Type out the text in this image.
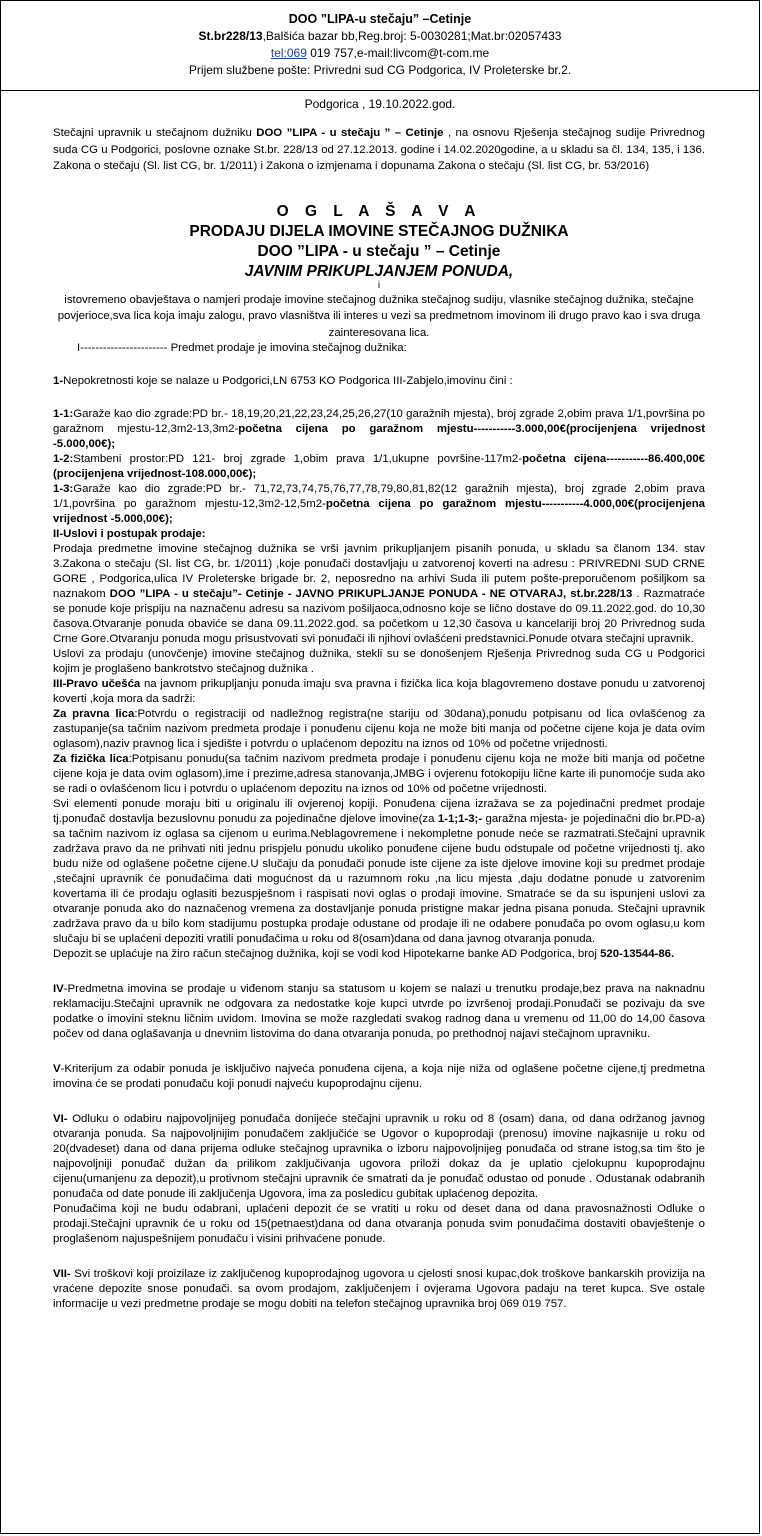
DOO ”LIPA-u stečaju” –Cetinje
St.br228/13,Balšića bazar bb,Reg.broj: 5-0030281;Mat.br:02057433
tel:069 019 757,e-mail:livcom@t-com.me
Prijem službene pošte: Privredni sud CG Podgorica, IV Proleterske br.2.
Podgorica , 19.10.2022.god.

Stečajni upravnik u stečajnom dužniku DOO ”LIPA - u stečaju ” – Cetinje , na osnovu Rješenja stečajnog sudije Privrednog suda CG u Podgorici, poslovne oznake St.br. 228/13 od 27.12.2013. godine i 14.02.2020godine, a u skladu sa čl. 134, 135, i 136. Zakona o stečaju (Sl. list CG, br. 1/2011) i Zakona o izmjenama i dopunama Zakona o stečaju (Sl. list CG, br. 53/2016)

O G L A Š A V A
PRODAJU DIJELA IMOVINE STEČAJNOG DUŽNIKA
DOO ”LIPA - u stečaju ” – Cetinje
JAVNIM PRIKUPLJANJEM PONUDA,
i

istovremeno obavještava o namjeri prodaje imovine stečajnog dužnika stečajnog sudiju, vlasnike stečajnog dužnika, stečajne povjerioce,sva lica koja imaju zalogu, pravo vlasništva ili interes u vezi sa predmetnom imovinom ili drugo pravo kao i sva druga zainteresovana lica.

I----------------------- Predmet prodaje je imovina stečajnog dužnika:

1-Nepokretnosti koje se nalaze u Podgorici,LN 6753 KO Podgorica III-Zabjelo,imovinu čini :

1-1:Garaže kao dio zgrade:PD br.- 18,19,20,21,22,23,24,25,26,27(10 garažnih mjesta), broj zgrade 2,obim prava 1/1,površina po garažnom mjestu-12,3m2-13,3m2-početna cijena po garažnom mjestu-----------3.000,00€(procijenjena vrijednost -5.000,00€);

1-2:Stambeni prostor:PD 121- broj zgrade 1,obim prava 1/1,ukupne površine-117m2-početna cijena-----------86.400,00€(procijenjena vrijednost-108.000,00€);

1-3:Garaže kao dio zgrade:PD br.- 71,72,73,74,75,76,77,78,79,80,81,82(12 garažnih mjesta), broj zgrade 2,obim prava 1/1,površina po garažnom mjestu-12,3m2-12,5m2-početna cijena po garažnom mjestu-----------4.000,00€(procijenjena vrijednost -5.000,00€);

II-Uslovi i postupak prodaje:

Prodaja predmetne imovine stečajnog dužnika se vrši javnim prikupljanjem pisanih ponuda, u skladu sa članom 134. stav 3.Zakona o stečaju (Sl. list CG, br. 1/2011) ,koje ponuđači dostavljaju u zatvorenoj koverti na adresu : PRIVREDNI SUD CRNE GORE , Podgorica,ulica IV Proleterske brigade br. 2, neposredno na arhivi Suda ili putem pošte-preporučenom pošiljkom sa naznakom DOO ”LIPA - u stečaju”- Cetinje - JAVNO PRIKUPLJANJE PONUDA - NE OTVARAJ, st.br.228/13 . Razmatraće se ponude koje prispiju na naznačenu adresu sa nazivom pošiljaoca,odnosno koje se lično dostave do 09.11.2022.god. do 10,30 časova.Otvaranje ponuda obaviće se dana 09.11.2022.god. sa početkom u 12,30 časova u kancelariji broj 20 Privrednog suda Crne Gore.Otvaranju ponuda mogu prisustvovati svi ponuđači ili njihovi ovlašćeni predstavnici.Ponude otvara stečajni upravnik.

Uslovi za prodaju (unovčenje) imovine stečajnog dužnika, stekli su se donošenjem Rješenja Privrednog suda CG u Podgorici kojim je proglašeno bankrotstvo stečajnog dužnika .

III-Pravo učešća na javnom prikupljanju ponuda imaju sva pravna i fizička lica koja blagovremeno dostave ponudu u zatvorenoj koverti ,koja mora da sadrži:

Za pravna lica:Potvrdu o registraciji od nadležnog registra(ne stariju od 30dana),ponudu potpisanu od lica ovlašćenog za zastupanje(sa tačnim nazivom predmeta prodaje i ponuđenu cijenu koja ne može biti manja od početne cijene koja je data ovim oglasom),naziv pravnog lica i sjedište i potvrdu o uplaćenom depozitu na iznos od 10% od početne vrijednosti.

Za fizička lica:Potpisanu ponudu(sa tačnim nazivom predmeta prodaje i ponuđenu cijenu koja ne može biti manja od početne cijene koja je data ovim oglasom),ime i prezime,adresa stanovanja,JMBG i ovjerenu fotokopiju lične karte ili punomoćje suda ako se radi o ovlašćenom licu i potvrdu o uplaćenom depozitu na iznos od 10% od početne vrijednosti.

Svi elementi ponude moraju biti u originalu ili ovjerenoj kopiji. Ponuđena cijena izražava se za pojedinačni predmet prodaje tj.ponuđač dostavlja bezuslovnu ponudu za pojedinačne djelove imovine(za 1-1;1-3;- garažna mjesta- je pojedinačni dio br.PD-a) sa tačnim nazivom iz oglasa sa cijenom u eurima.Neblagovremene i nekompletne ponude neće se razmatrati.Stečajni upravnik zadržava pravo da ne prihvati niti jednu prispjelu ponudu ukoliko ponuđene cijene budu odstupale od početne vrijednosti tj. ako budu niže od oglašene početne cijene.U slučaju da ponuđači ponude iste cijene za iste djelove imovine koji su predmet prodaje ,stečajni upravnik će ponuđačima dati mogućnost da u razumnom roku ,na licu mjesta ,daju dodatne ponude u zatvorenim kovertama ili će prodaju oglasiti bezuspješnom i raspisati novi oglas o prodaji imovine. Smatraće se da su ispunjeni uslovi za otvaranje ponuda ako do naznačenog vremena za dostavljanje ponuda pristigne makar jedna pisana ponuda. Stečajni upravnik zadržava pravo da u bilo kom stadijumu postupka prodaje odustane od prodaje ili ne odabere ponuđača po ovom oglasu,u kom slučaju bi se uplaćeni depoziti vratili ponuđačima u roku od 8(osam)dana od dana javnog otvaranja ponuda.

Depozit se uplaćuje na žiro račun stečajnog dužnika, koji se vodi kod Hipotekarne banke AD Podgorica, broj 520-13544-86.

IV-Predmetna imovina se prodaje u viđenom stanju sa statusom u kojem se nalazi u trenutku prodaje,bez prava na naknadnu reklamaciju.Stečajni upravnik ne odgovara za nedostatke koje kupci utvrde po izvršenoj prodaji.Ponuđači se pozivaju da sve podatke o imovini steknu ličnim uvidom. Imovina se može razgledati svakog radnog dana u vremenu od 11,00 do 14,00 časova počev od dana oglašavanja u dnevnim listovima do dana otvaranja ponuda, po prethodnoj najavi stečajnom upravniku.

V-Kriterijum za odabir ponuda je isključivo najveća ponuđena cijena, a koja nije niža od oglašene početne cijene,tj predmetna imovina će se prodati ponuđaču koji ponudi najveću kupoprodajnu cijenu.

VI- Odluku o odabiru najpovoljnijeg ponuđača donijeće stečajni upravnik u roku od 8 (osam) dana, od dana održanog javnog otvaranja ponuda. Sa najpovoljnijim ponuđačem zaključiće se Ugovor o kupoprodaji (prenosu) imovine najkasnije u roku od 20(dvadeset) dana od dana prijema odluke stečajnog upravnika o izboru najpovoljnijeg ponuđača od strane istog,sa tim što je najpovoljniji ponuđač dužan da prilikom zaključivanja ugovora priloži dokaz da je uplatio cjelokupnu kupoprodajnu cijenu(umanjenu za depozit),u protivnom stečajni upravnik će smatrati da je ponuđač odustao od ponude . Odustanak odabranih ponuđača od date ponude ili zaključenja Ugovora, ima za posledicu gubitak uplaćenog depozita.

Ponuđačima koji ne budu odabrani, uplaćeni depozit će se vratiti u roku od deset dana od dana pravosnažnosti Odluke o prodaji.Stečajni upravnik će u roku od 15(petnaest)dana od dana otvaranja ponuda svim ponuđačima dostaviti obavještenje o proglašenom najuspešnijem ponuđaču i visini prihvaćene ponude.

VII- Svi troškovi koji proizilaze iz zaključenog kupoprodajnog ugovora u cjelosti snosi kupac,dok troškove bankarskih provizija na vraćene depozite snose ponuđači. sa ovom prodajom, zaključenjem i ovjerama Ugovora padaju na teret kupca. Sve ostale informacije u vezi predmetne prodaje se mogu dobiti na telefon stečajnog upravnika broj 069 019 757.
